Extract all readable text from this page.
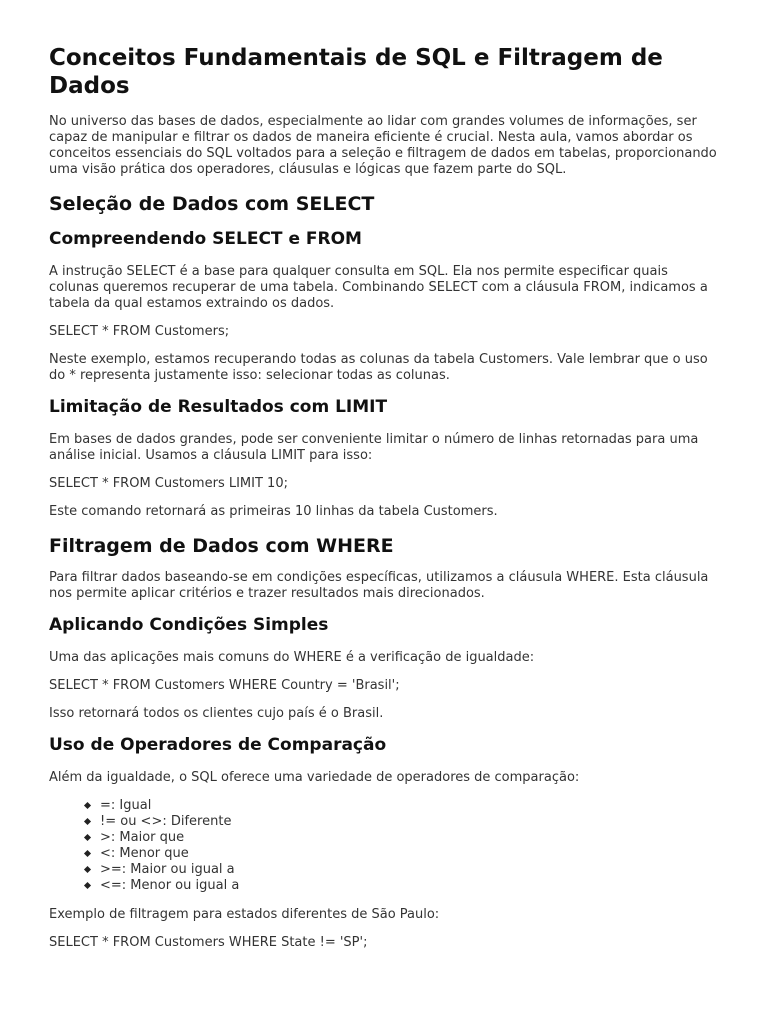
Conceitos Fundamentais de SQL e Filtragem de Dados

No universo das bases de dados, especialmente ao lidar com grandes volumes de informações, ser capaz de manipular e filtrar os dados de maneira eficiente é crucial. Nesta aula, vamos abordar os conceitos essenciais do SQL voltados para a seleção e filtragem de dados em tabelas, proporcionando uma visão prática dos operadores, cláusulas e lógicas que fazem parte do SQL.

Seleção de Dados com SELECT
Compreendendo SELECT e FROM

A instrução SELECT é a base para qualquer consulta em SQL. Ela nos permite especificar quais colunas queremos recuperar de uma tabela. Combinando SELECT com a cláusula FROM, indicamos a tabela da qual estamos extraindo os dados.

SELECT * FROM Customers;

Neste exemplo, estamos recuperando todas as colunas da tabela Customers. Vale lembrar que o uso do * representa justamente isso: selecionar todas as colunas.

Limitação de Resultados com LIMIT

Em bases de dados grandes, pode ser conveniente limitar o número de linhas retornadas para uma análise inicial. Usamos a cláusula LIMIT para isso:

SELECT * FROM Customers LIMIT 10;

Este comando retornará as primeiras 10 linhas da tabela Customers.

Filtragem de Dados com WHERE

Para filtrar dados baseando-se em condições específicas, utilizamos a cláusula WHERE. Esta cláusula nos permite aplicar critérios e trazer resultados mais direcionados.

Aplicando Condições Simples

Uma das aplicações mais comuns do WHERE é a verificação de igualdade:

SELECT * FROM Customers WHERE Country = 'Brasil';

Isso retornará todos os clientes cujo país é o Brasil.

Uso de Operadores de Comparação

Além da igualdade, o SQL oferece uma variedade de operadores de comparação:

=: Igual
!= ou <>: Diferente
>: Maior que
<: Menor que
>=: Maior ou igual a
<=: Menor ou igual a

Exemplo de filtragem para estados diferentes de São Paulo:

SELECT * FROM Customers WHERE State != 'SP';
